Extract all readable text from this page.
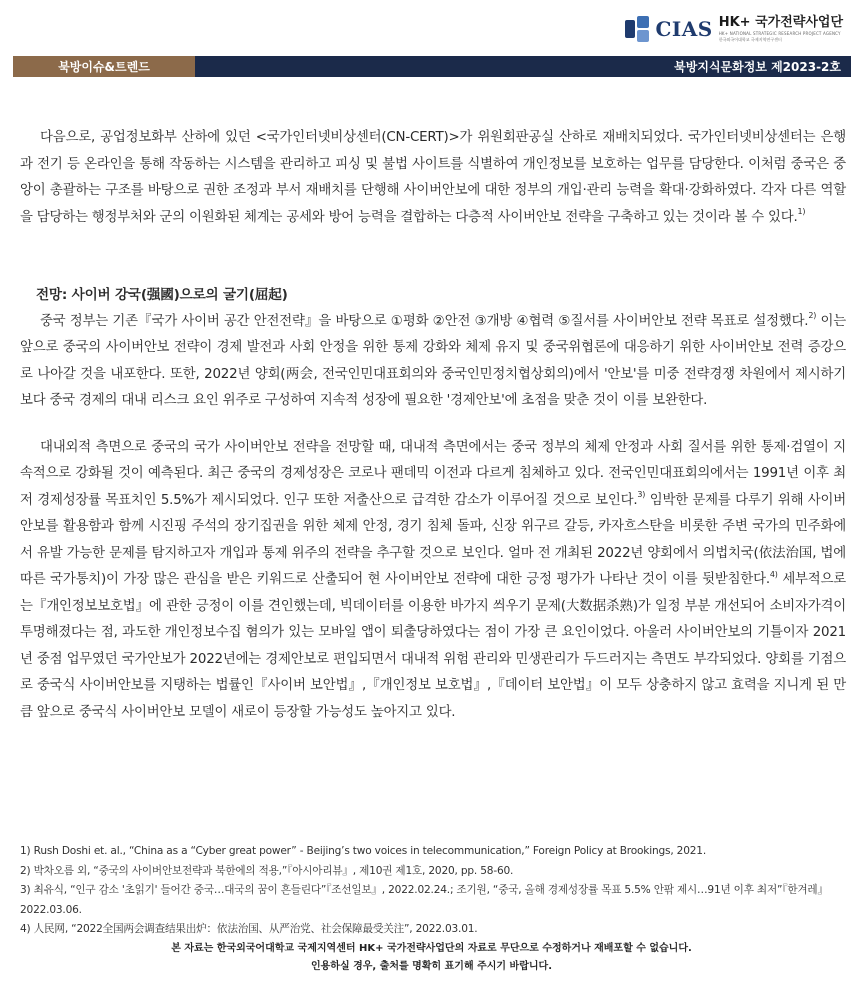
CIAS HK+ 국가전략사업단
HK+ NATIONAL STRATEGIC RESEARCH PROJECT AGENCY
한국외국어대학교 국제지역연구센터
북방이슈&트렌드	북방지식문화정보 제2023-2호

다음으로, 공업정보화부 산하에 있던 <국가인터넷비상센터(CN-CERT)>가 위원회판공실 산하로 재배치되었다. 국가인터넷비상센터는 은행과 전기 등 온라인을 통해 작동하는 시스템을 관리하고 피싱 및 불법 사이트를 식별하여 개인정보를 보호하는 업무를 담당한다. 이처럼 중국은 중앙이 총괄하는 구조를 바탕으로 권한 조정과 부서 재배치를 단행해 사이버안보에 대한 정부의 개입·관리 능력을 확대·강화하였다. 각자 다른 역할을 담당하는 행정부처와 군의 이원화된 체계는 공세와 방어 능력을 결합하는 다층적 사이버안보 전략을 구축하고 있는 것이라 볼 수 있다.$^{1)}$

전망: 사이버 강국(强國)으로의 굴기(屈起)

중국 정부는 기존『국가 사이버 공간 안전전략』을 바탕으로 ①평화 ②안전 ③개방 ④협력 ⑤질서를 사이버안보 전략 목표로 설정했다.$^{2)}$ 이는 앞으로 중국의 사이버안보 전략이 경제 발전과 사회 안정을 위한 통제 강화와 체제 유지 및 중국위협론에 대응하기 위한 사이버안보 전력 증강으로 나아갈 것을 내포한다. 또한, 2022년 양회(两会, 전국인민대표회의와 중국인민정치협상회의)에서 '안보'를 미중 전략경쟁 차원에서 제시하기보다 중국 경제의 대내 리스크 요인 위주로 구성하여 지속적 성장에 필요한 '경제안보'에 초점을 맞춘 것이 이를 보완한다.

대내외적 측면으로 중국의 국가 사이버안보 전략을 전망할 때, 대내적 측면에서는 중국 정부의 체제 안정과 사회 질서를 위한 통제·검열이 지속적으로 강화될 것이 예측된다. 최근 중국의 경제성장은 코로나 팬데믹 이전과 다르게 침체하고 있다. 전국인민대표회의에서는 1991년 이후 최저 경제성장률 목표치인 5.5%가 제시되었다. 인구 또한 저출산으로 급격한 감소가 이루어질 것으로 보인다.$^{3)}$ 임박한 문제를 다루기 위해 사이버안보를 활용함과 함께 시진핑 주석의 장기집권을 위한 체제 안정, 경기 침체 돌파, 신장 위구르 갈등, 카자흐스탄을 비롯한 주변 국가의 민주화에서 유발 가능한 문제를 탐지하고자 개입과 통제 위주의 전략을 추구할 것으로 보인다. 얼마 전 개최된 2022년 양회에서 의법치국(依法治国, 법에 따른 국가통치)이 가장 많은 관심을 받은 키워드로 산출되어 현 사이버안보 전략에 대한 긍정 평가가 나타난 것이 이를 뒷받침한다.$^{4)}$ 세부적으로는『개인정보보호법』에 관한 긍정이 이를 견인했는데, 빅데이터를 이용한 바가지 씌우기 문제(大数据杀熟)가 일정 부분 개선되어 소비자가격이 투명해졌다는 점, 과도한 개인정보수집 혐의가 있는 모바일 앱이 퇴출당하였다는 점이 가장 큰 요인이었다. 아울러 사이버안보의 기틀이자 2021년 중점 업무였던 국가안보가 2022년에는 경제안보로 편입되면서 대내적 위험 관리와 민생관리가 두드러지는 측면도 부각되었다. 양회를 기점으로 중국식 사이버안보를 지탱하는 법률인『사이버 보안법』,『개인정보 보호법』,『데이터 보안법』이 모두 상충하지 않고 효력을 지니게 된 만큼 앞으로 중국식 사이버안보 모델이 새로이 등장할 가능성도 높아지고 있다.

1) Rush Doshi et. al., “China as a “Cyber great power” - Beijing’s two voices in telecommunication,” Foreign Policy at Brookings, 2021.
2) 박차오름 외, “중국의 사이버안보전략과 북한에의 적용,”『아시아리뷰』, 제10권 제1호, 2020, pp. 58-60.
3) 최유식, “인구 감소 '초읽기' 들어간 중국…대국의 꿈이 흔들린다”『조선일보』, 2022.02.24.; 조기원, “중국, 올해 경제성장률 목표 5.5% 안팎 제시…91년 이후 최저”『한겨레』2022.03.06.
4) 人民网, “2022全国两会调查结果出炉：依法治国、从严治党、社会保障最受关注”, 2022.03.01.
본 자료는 한국외국어대학교 국제지역센터 HK+ 국가전략사업단의 자료로 무단으로 수정하거나 재배포할 수 없습니다.
인용하실 경우, 출처를 명확히 표기해 주시기 바랍니다.
